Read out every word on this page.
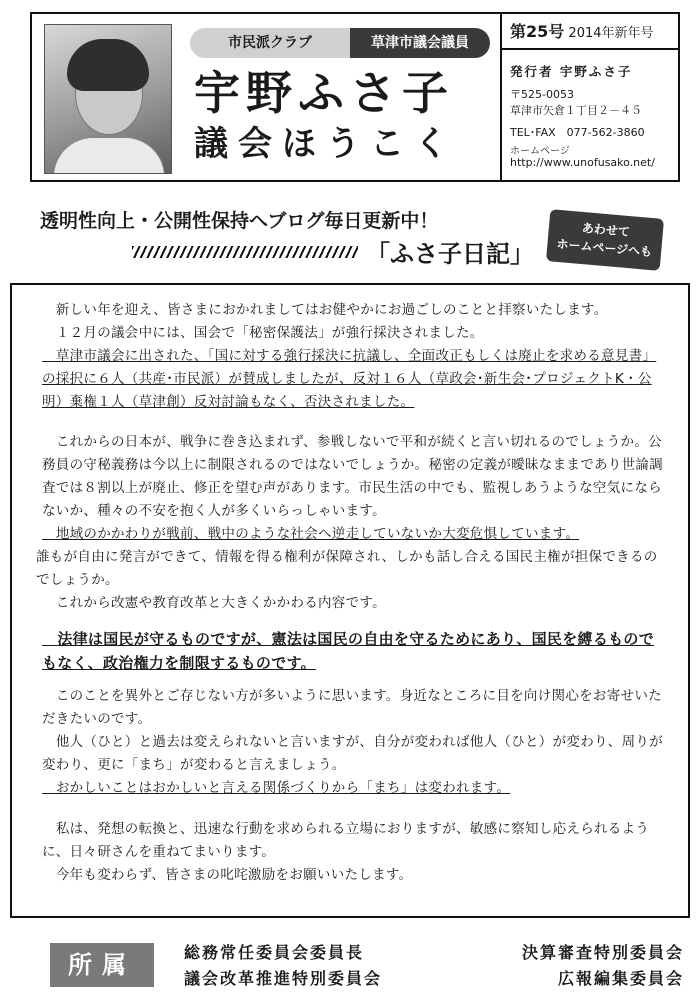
市民派クラブ	草津市議会議員
宇野ふさ子
議会ほうこく
第25号 2014年新年号
発行者 宇野ふさ子
〒525-0053
草津市矢倉１丁目２－４５
TEL･FAX　077-562-3860
ホームページ
http://www.unofusako.net/
透明性向上・公開性保持へブログ毎日更新中！
「ふさ子日記」
あわせて
ホームページへも
　新しい年を迎え、皆さまにおかれましてはお健やかにお過ごしのことと拝察いたします。
　１２月の議会中には、国会で「秘密保護法」が強行採決されました。
　草津市議会に出された、「国に対する強行採決に抗議し、全面改正もしくは廃止を求める意見書」の採択に６人（共産･市民派）が賛成しましたが、反対１６人（草政会･新生会･プロジェクトK・公明）棄権１人（草津創）反対討論もなく、否決されました。
　これからの日本が、戦争に巻き込まれず、参戦しないで平和が続くと言い切れるのでしょうか。公務員の守秘義務は今以上に制限されるのではないでしょうか。秘密の定義が曖昧なままであり世論調査では８割以上が廃止、修正を望む声があります。市民生活の中でも、監視しあうような空気にならないか、種々の不安を抱く人が多くいらっしゃいます。
　地域のかかわりが戦前、戦中のような社会へ逆走していないか大変危惧しています。
誰もが自由に発言ができて、情報を得る権利が保障され、しかも話し合える国民主権が担保できるのでしょうか。
　これから改憲や教育改革と大きくかかわる内容です。
　法律は国民が守るものですが、憲法は国民の自由を守るためにあり、国民を縛るものでもなく、政治権力を制限するものです。
　このことを異外とご存じない方が多いように思います。身近なところに目を向け関心をお寄せいただきたいのです。
　他人（ひと）と過去は変えられないと言いますが、自分が変われば他人（ひと）が変わり、周りが変わり、更に「まち」が変わると言えましょう。
　おかしいことはおかしいと言える関係づくりから「まち」は変われます。
　私は、発想の転換と、迅速な行動を求められる立場におりますが、敏感に察知し応えられるように、日々研さんを重ねてまいります。
　今年も変わらず、皆さまの叱咤激励をお願いいたします。
所属	総務常任委員会委員長	決算審査特別委員会
議会改革推進特別委員会	広報編集委員会
